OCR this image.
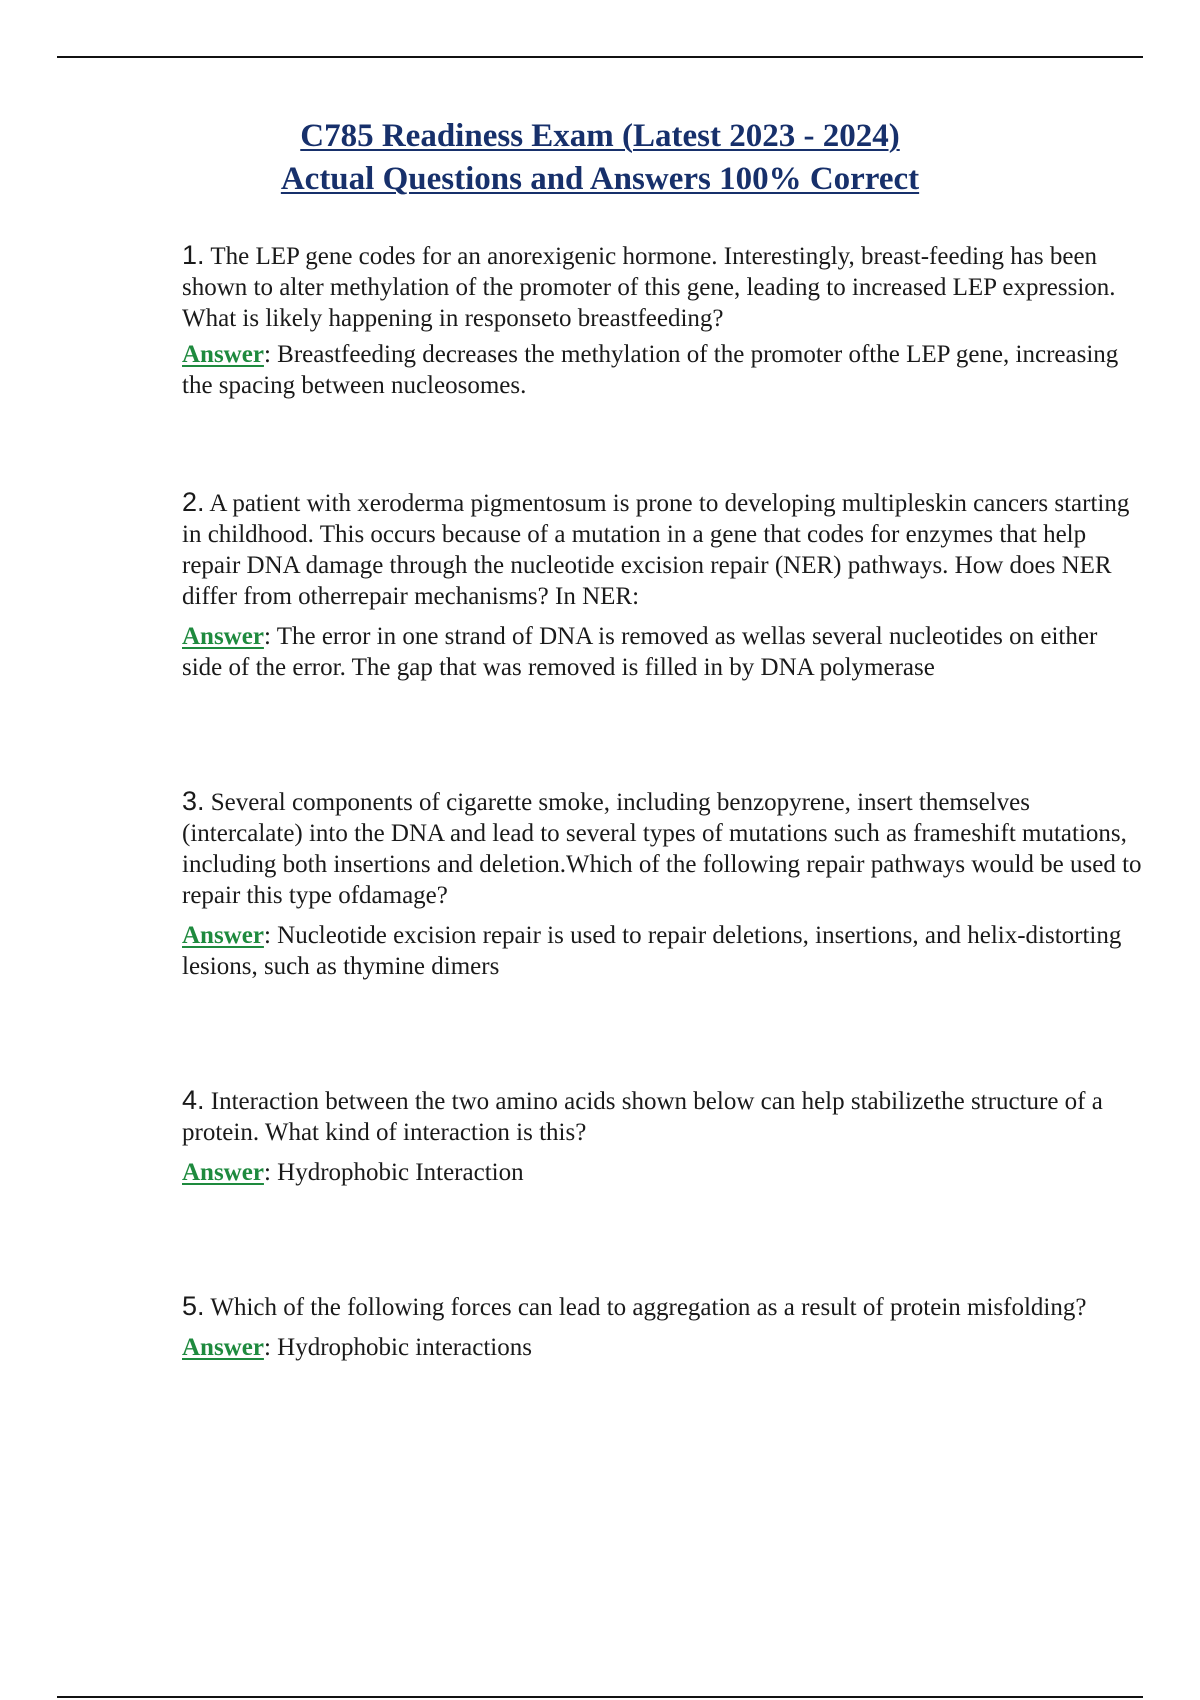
C785 Readiness Exam (Latest 2023 - 2024)
Actual Questions and Answers 100% Correct
1. The LEP gene codes for an anorexigenic hormone. Interestingly, breast-feeding has been shown to alter methylation of the promoter of this gene, leading to increased LEP expression. What is likely happening in responseto breastfeeding?
Answer: Breastfeeding decreases the methylation of the promoter ofthe LEP gene, increasing the spacing between nucleosomes.
2. A patient with xeroderma pigmentosum is prone to developing multipleskin cancers starting in childhood. This occurs because of a mutation in a gene that codes for enzymes that help repair DNA damage through the nucleotide excision repair (NER) pathways. How does NER differ from otherrepair mechanisms? In NER:
Answer: The error in one strand of DNA is removed as wellas several nucleotides on either side of the error. The gap that was removed is filled in by DNA polymerase
3. Several components of cigarette smoke, including benzopyrene, insert themselves (intercalate) into the DNA and lead to several types of mutations such as frameshift mutations, including both insertions and deletion.Which of the following repair pathways would be used to repair this type ofdamage?
Answer: Nucleotide excision repair is used to repair deletions, insertions, and helix-distorting lesions, such as thymine dimers
4. Interaction between the two amino acids shown below can help stabilizethe structure of a protein. What kind of interaction is this?
Answer: Hydrophobic Interaction
5. Which of the following forces can lead to aggregation as a result of protein misfolding?
Answer: Hydrophobic interactions
